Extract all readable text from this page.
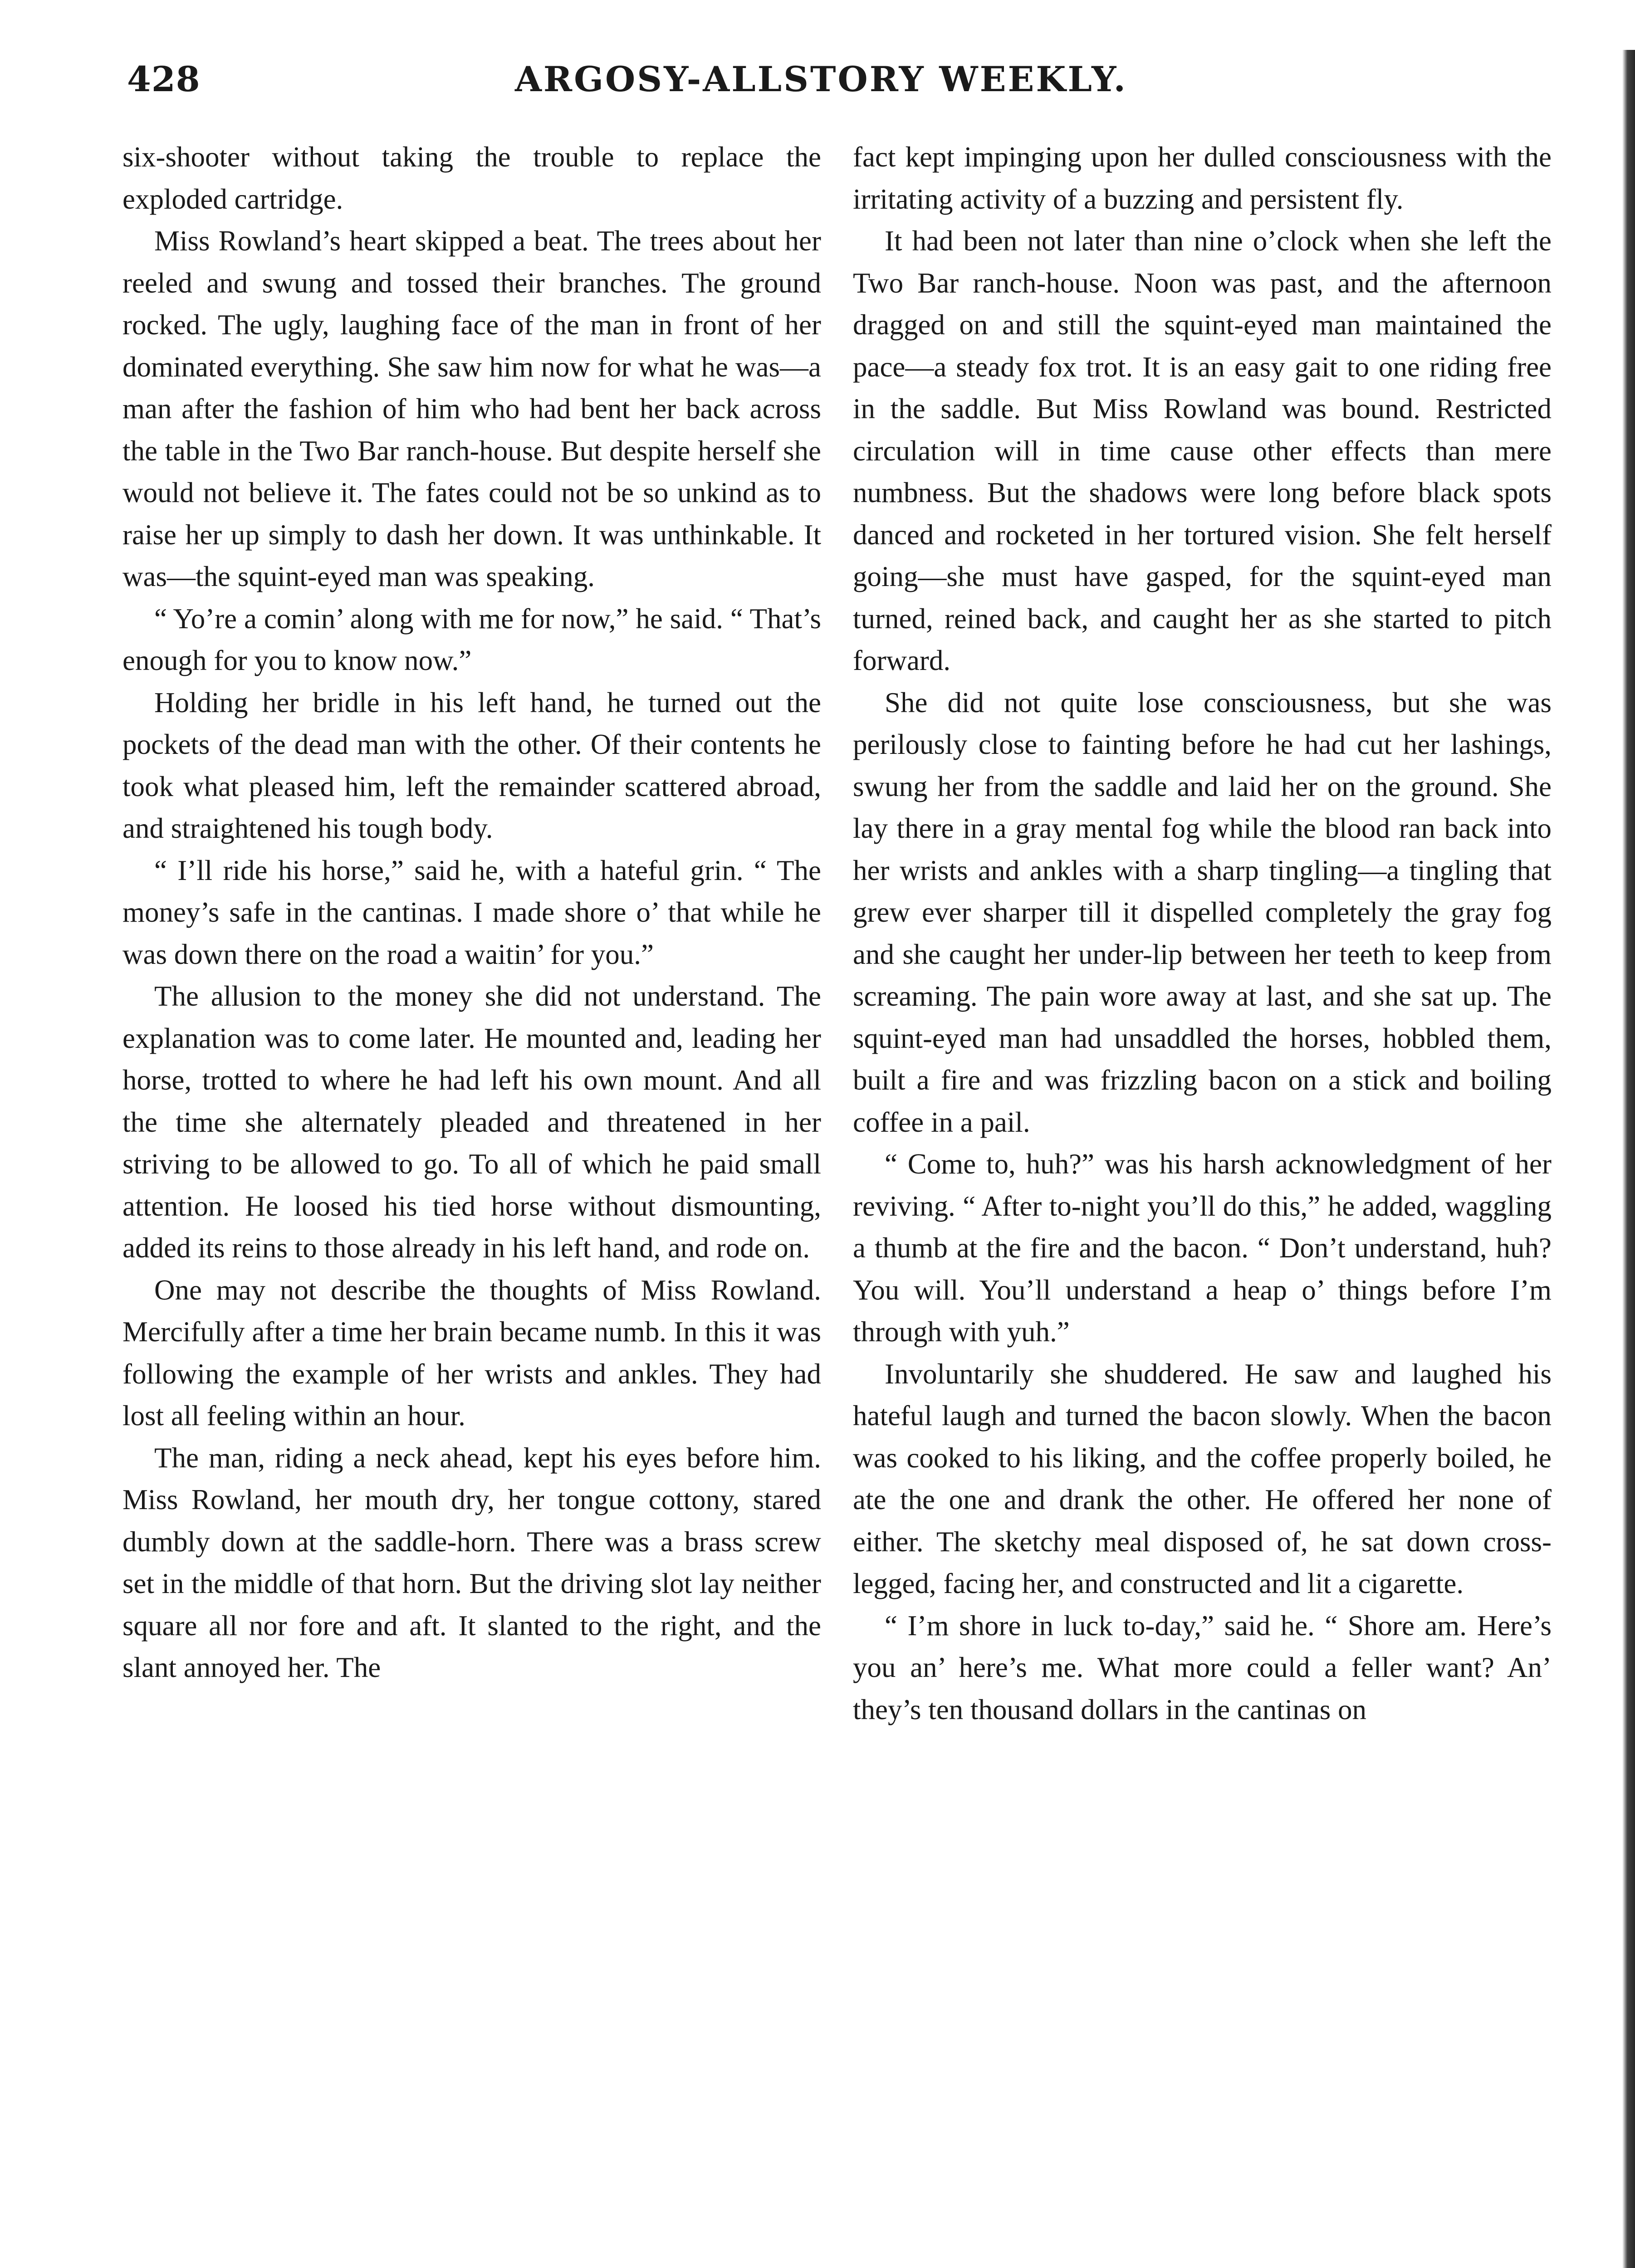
428	ARGOSY-ALLSTORY WEEKLY.

six-shooter without taking the trouble to replace the exploded cartridge.

Miss Rowland’s heart skipped a beat. The trees about her reeled and swung and tossed their branches. The ground rocked. The ugly, laughing face of the man in front of her dominated everything. She saw him now for what he was—a man after the fashion of him who had bent her back across the table in the Two Bar ranch-house. But despite herself she would not believe it. The fates could not be so unkind as to raise her up simply to dash her down. It was unthinkable. It was—the squint-eyed man was speaking.

“ Yo’re a comin’ along with me for now,” he said. “ That’s enough for you to know now.”

Holding her bridle in his left hand, he turned out the pockets of the dead man with the other. Of their contents he took what pleased him, left the remainder scattered abroad, and straightened his tough body.

“ I’ll ride his horse,” said he, with a hateful grin. “ The money’s safe in the cantinas. I made shore o’ that while he was down there on the road a waitin’ for you.”

The allusion to the money she did not understand. The explanation was to come later. He mounted and, leading her horse, trotted to where he had left his own mount. And all the time she alternately pleaded and threatened in her striving to be allowed to go. To all of which he paid small attention. He loosed his tied horse without dismounting, added its reins to those already in his left hand, and rode on.

One may not describe the thoughts of Miss Rowland. Mercifully after a time her brain became numb. In this it was following the example of her wrists and ankles. They had lost all feeling within an hour.

The man, riding a neck ahead, kept his eyes before him. Miss Rowland, her mouth dry, her tongue cottony, stared dumbly down at the saddle-horn. There was a brass screw set in the middle of that horn. But the driving slot lay neither square all nor fore and aft. It slanted to the right, and the slant annoyed her. The

fact kept impinging upon her dulled consciousness with the irritating activity of a buzzing and persistent fly.

It had been not later than nine o’clock when she left the Two Bar ranch-house. Noon was past, and the afternoon dragged on and still the squint-eyed man maintained the pace—a steady fox trot. It is an easy gait to one riding free in the saddle. But Miss Rowland was bound. Restricted circulation will in time cause other effects than mere numbness. But the shadows were long before black spots danced and rocketed in her tortured vision. She felt herself going—she must have gasped, for the squint-eyed man turned, reined back, and caught her as she started to pitch forward.

She did not quite lose consciousness, but she was perilously close to fainting before he had cut her lashings, swung her from the saddle and laid her on the ground. She lay there in a gray mental fog while the blood ran back into her wrists and ankles with a sharp tingling—a tingling that grew ever sharper till it dispelled completely the gray fog and she caught her under-lip between her teeth to keep from screaming. The pain wore away at last, and she sat up. The squint-eyed man had unsaddled the horses, hobbled them, built a fire and was frizzling bacon on a stick and boiling coffee in a pail.

“ Come to, huh?” was his harsh acknowledgment of her reviving. “ After to-night you’ll do this,” he added, waggling a thumb at the fire and the bacon. “ Don’t understand, huh? You will. You’ll understand a heap o’ things before I’m through with yuh.”

Involuntarily she shuddered. He saw and laughed his hateful laugh and turned the bacon slowly. When the bacon was cooked to his liking, and the coffee properly boiled, he ate the one and drank the other. He offered her none of either. The sketchy meal disposed of, he sat down cross-legged, facing her, and constructed and lit a cigarette.

“ I’m shore in luck to-day,” said he. “ Shore am. Here’s you an’ here’s me. What more could a feller want? An’ they’s ten thousand dollars in the cantinas on
